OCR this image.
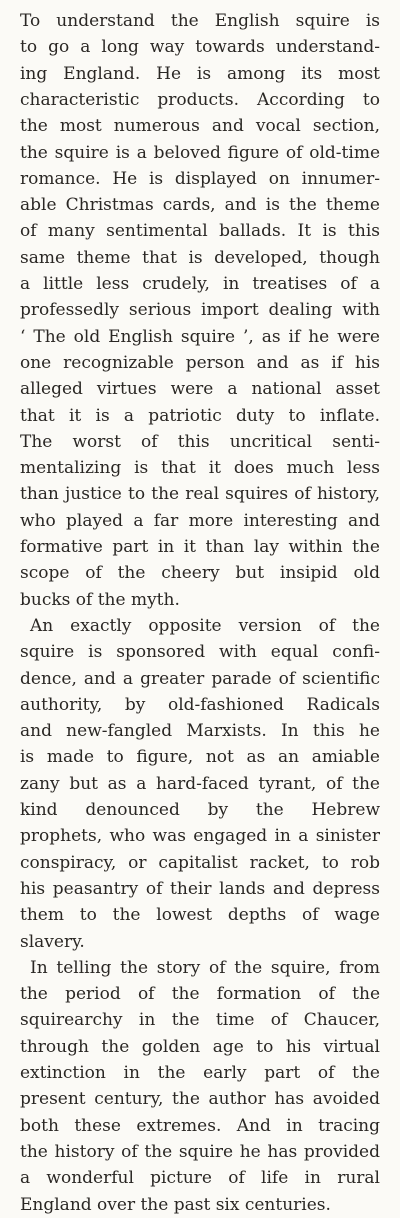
To understand the English squire is
to go a long way towards understand-
ing England. He is among its most
characteristic products. According to
the most numerous and vocal section,
the squire is a beloved figure of old-time
romance. He is displayed on innumer-
able Christmas cards, and is the theme
of many sentimental ballads. It is this
same theme that is developed, though
a little less crudely, in treatises of a
professedly serious import dealing with
‘ The old English squire ’, as if he were
one recognizable person and as if his
alleged virtues were a national asset
that it is a patriotic duty to inflate.
The worst of this uncritical senti-
mentalizing is that it does much less
than justice to the real squires of history,
who played a far more interesting and
formative part in it than lay within the
scope of the cheery but insipid old
bucks of the myth.
An exactly opposite version of the
squire is sponsored with equal confi-
dence, and a greater parade of scientific
authority, by old-fashioned Radicals
and new-fangled Marxists. In this he
is made to figure, not as an amiable
zany but as a hard-faced tyrant, of the
kind denounced by the Hebrew
prophets, who was engaged in a sinister
conspiracy, or capitalist racket, to rob
his peasantry of their lands and depress
them to the lowest depths of wage
slavery.
In telling the story of the squire, from
the period of the formation of the
squirearchy in the time of Chaucer,
through the golden age to his virtual
extinction in the early part of the
present century, the author has avoided
both these extremes. And in tracing
the history of the squire he has provided
a wonderful picture of life in rural
England over the past six centuries.
